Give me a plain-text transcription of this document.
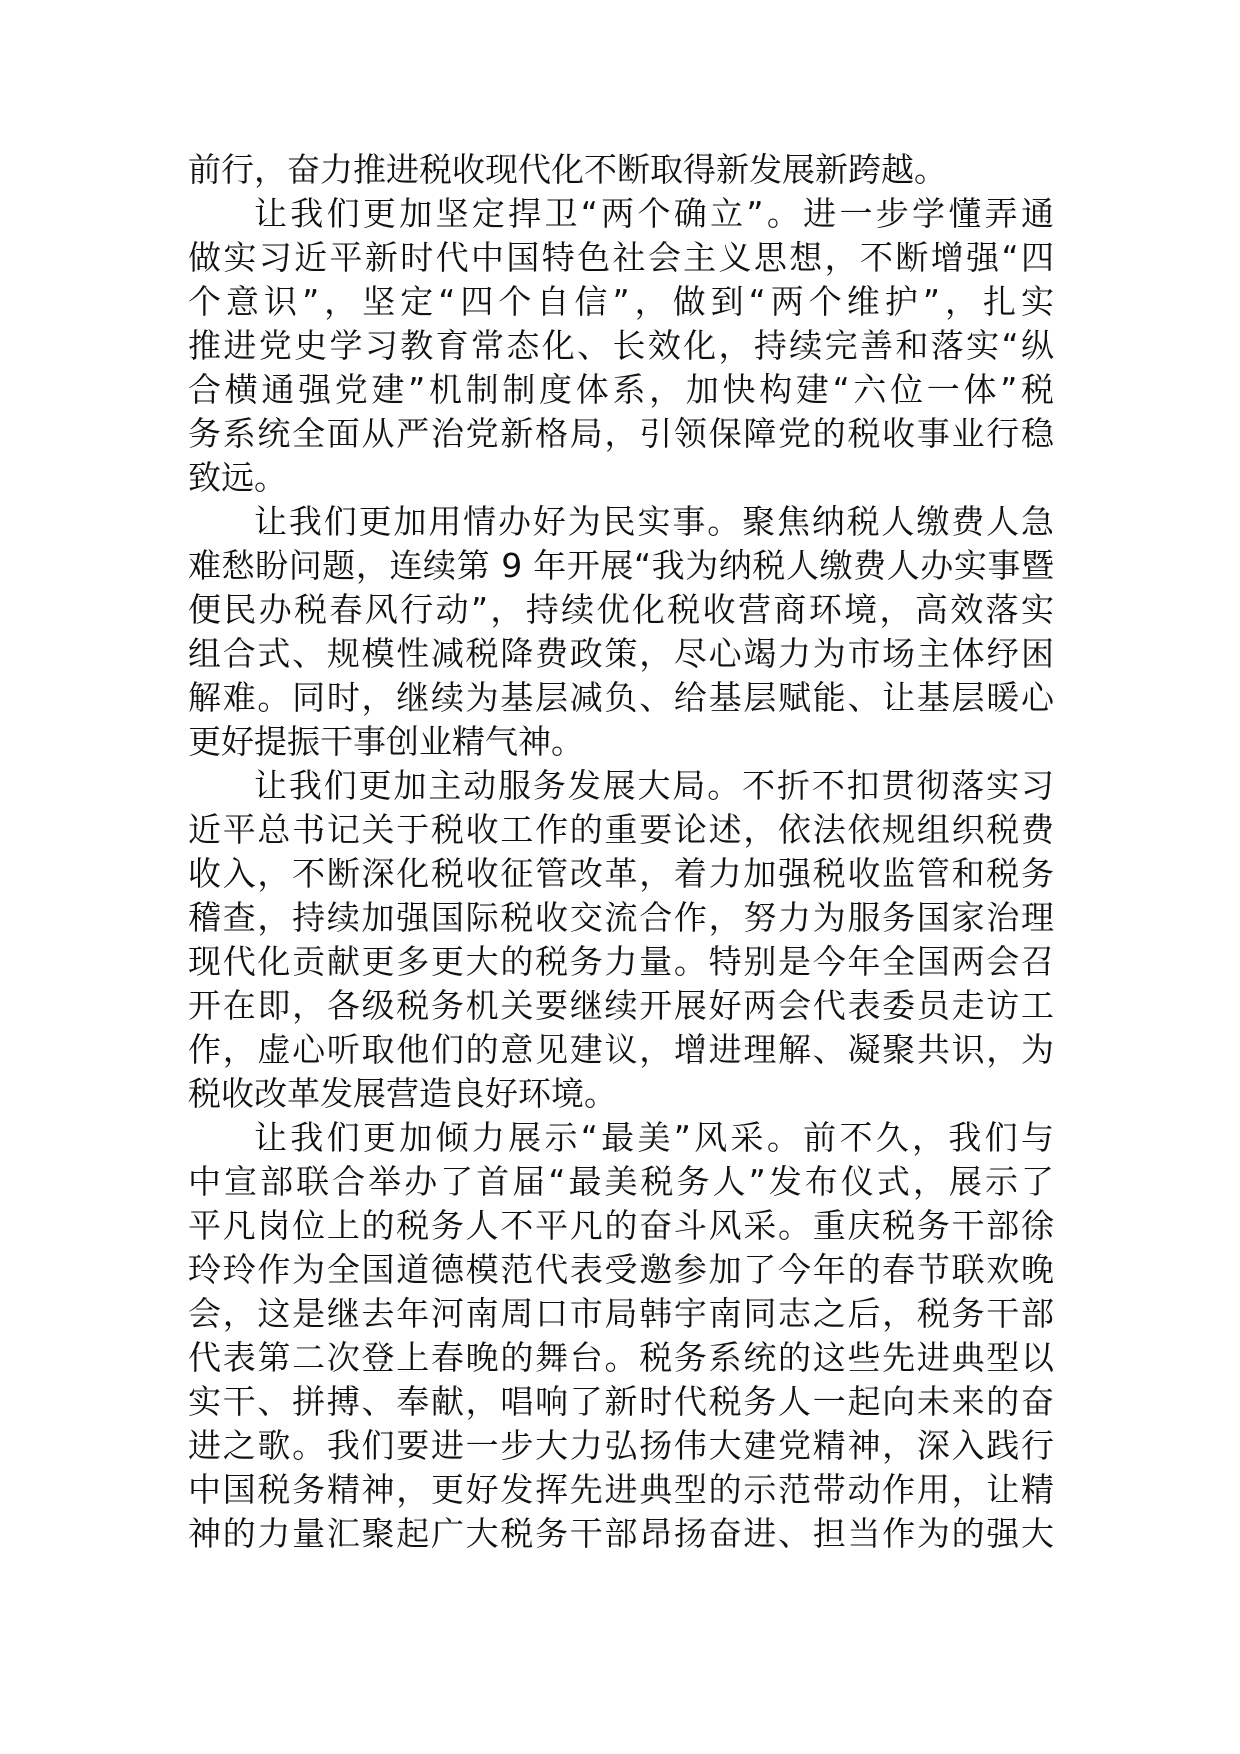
前行，奋力推进税收现代化不断取得新发展新跨越。
让我们更加坚定捍卫“两个确立”。进一步学懂弄通
做实习近平新时代中国特色社会主义思想，不断增强“四
个意识”，坚定“四个自信”，做到“两个维护”，扎实
推进党史学习教育常态化、长效化，持续完善和落实“纵
合横通强党建”机制制度体系，加快构建“六位一体”税
务系统全面从严治党新格局，引领保障党的税收事业行稳
致远。
让我们更加用情办好为民实事。聚焦纳税人缴费人急
难愁盼问题，连续第 9 年开展“我为纳税人缴费人办实事暨
便民办税春风行动”，持续优化税收营商环境，高效落实
组合式、规模性减税降费政策，尽心竭力为市场主体纾困
解难。同时，继续为基层减负、给基层赋能、让基层暖心
更好提振干事创业精气神。
让我们更加主动服务发展大局。不折不扣贯彻落实习
近平总书记关于税收工作的重要论述，依法依规组织税费
收入，不断深化税收征管改革，着力加强税收监管和税务
稽查，持续加强国际税收交流合作，努力为服务国家治理
现代化贡献更多更大的税务力量。特别是今年全国两会召
开在即，各级税务机关要继续开展好两会代表委员走访工
作，虚心听取他们的意见建议，增进理解、凝聚共识，为
税收改革发展营造良好环境。
让我们更加倾力展示“最美”风采。前不久，我们与
中宣部联合举办了首届“最美税务人”发布仪式，展示了
平凡岗位上的税务人不平凡的奋斗风采。重庆税务干部徐
玲玲作为全国道德模范代表受邀参加了今年的春节联欢晚
会，这是继去年河南周口市局韩宇南同志之后，税务干部
代表第二次登上春晚的舞台。税务系统的这些先进典型以
实干、拼搏、奉献，唱响了新时代税务人一起向未来的奋
进之歌。我们要进一步大力弘扬伟大建党精神，深入践行
中国税务精神，更好发挥先进典型的示范带动作用，让精
神的力量汇聚起广大税务干部昂扬奋进、担当作为的强大
